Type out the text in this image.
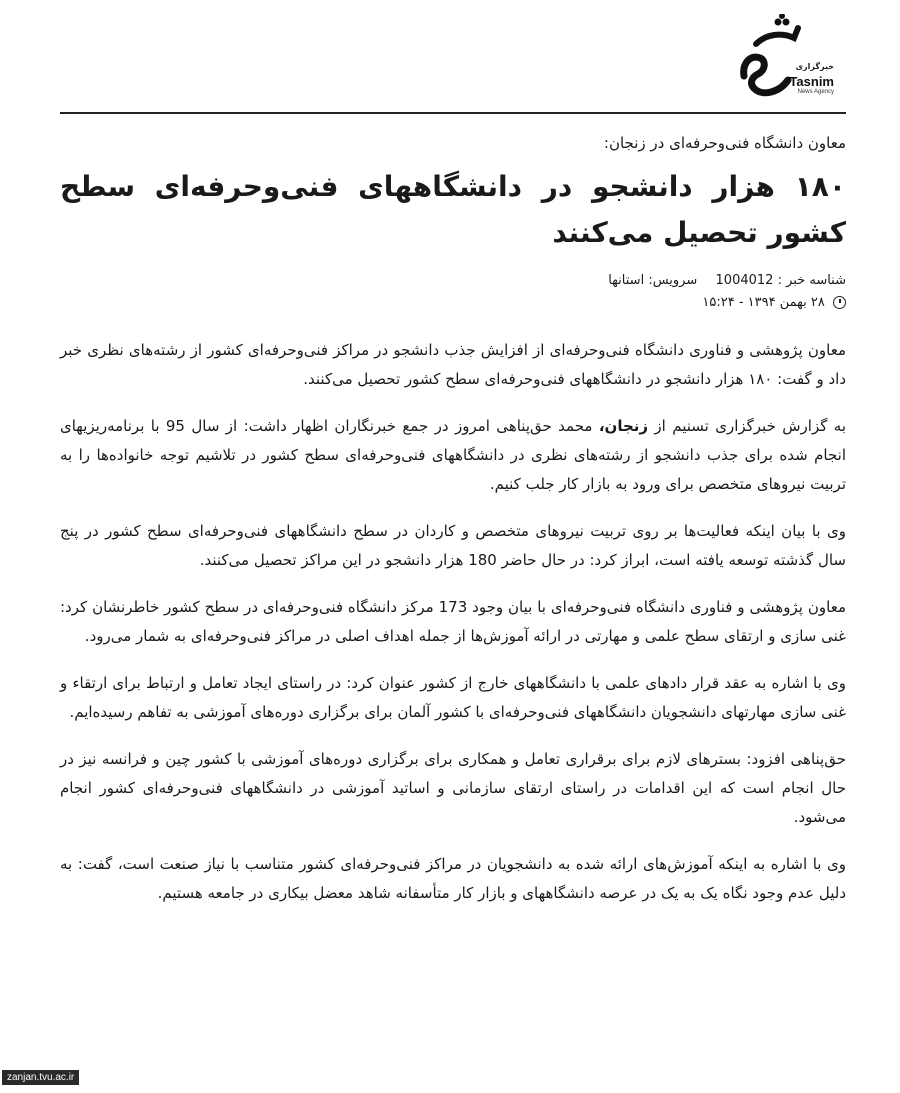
خبرگزاری
Tasnim
News Agency

معاون دانشگاه فنی‌وحرفه‌ای در زنجان:

۱۸۰ هزار دانشجو در دانشگاههای فنی‌وحرفه‌ای سطح کشور تحصیل می‌کنند

شناسه خبر : 1004012  سرویس: استانها

۲۸ بهمن ۱۳۹۴ - ۱۵:۲۴

معاون پژوهشی و فناوری دانشگاه فنی‌وحرفه‌ای از افزایش جذب دانشجو در مراکز فنی‌وحرفه‌ای کشور از رشته‌های نظری خبر داد و گفت: ۱۸۰ هزار دانشجو در دانشگاههای فنی‌وحرفه‌ای سطح کشور تحصیل می‌کنند.

به گزارش خبرگزاری تسنیم از زنجان، محمد حق‌پناهی امروز در جمع خبرنگاران اظهار داشت: از سال 95 با برنامه‌ریزیهای انجام شده برای جذب دانشجو از رشته‌های نظری در دانشگاههای فنی‌وحرفه‌ای سطح کشور در تلاشیم توجه خانواده‌ها را به تربیت نیروهای متخصص برای ورود به بازار کار جلب کنیم.

وی با بیان اینکه فعالیت‌ها بر روی تربیت نیروهای متخصص و کاردان در سطح دانشگاههای فنی‌وحرفه‌ای سطح کشور در پنج سال گذشته توسعه یافته است، ابراز کرد: در حال حاضر 180 هزار دانشجو در این مراکز تحصیل می‌کنند.

معاون پژوهشی و فناوری دانشگاه فنی‌وحرفه‌ای با بیان وجود 173 مرکز دانشگاه فنی‌وحرفه‌ای در سطح کشور خاطرنشان کرد: غنی سازی و ارتقای سطح علمی و مهارتی در ارائه آموزش‌ها از جمله اهداف اصلی در مراکز فنی‌وحرفه‌ای به شمار می‌رود.

وی با اشاره به عقد قرار دادهای علمی با دانشگاههای خارج از کشور عنوان کرد: در راستای ایجاد تعامل و ارتباط برای ارتقاء و غنی سازی مهارتهای دانشجویان دانشگاههای فنی‌وحرفه‌ای با کشور آلمان برای برگزاری دوره‌های آموزشی به تفاهم رسیده‌ایم.

حق‌پناهی افزود: بسترهای لازم برای برقراری تعامل و همکاری برای برگزاری دوره‌های آموزشی با کشور چین و فرانسه نیز در حال انجام است که این اقدامات در راستای ارتقای سازمانی و اساتید آموزشی در دانشگاههای فنی‌وحرفه‌ای کشور انجام می‌شود.

وی با اشاره به اینکه آموزش‌های ارائه شده به دانشجویان در مراکز فنی‌وحرفه‌ای کشور متناسب با نیاز صنعت است، گفت: به دلیل عدم وجود نگاه یک به یک در عرصه دانشگاههای و بازار کار متأسفانه شاهد معضل بیکاری در جامعه هستیم.

zanjan.tvu.ac.ir
